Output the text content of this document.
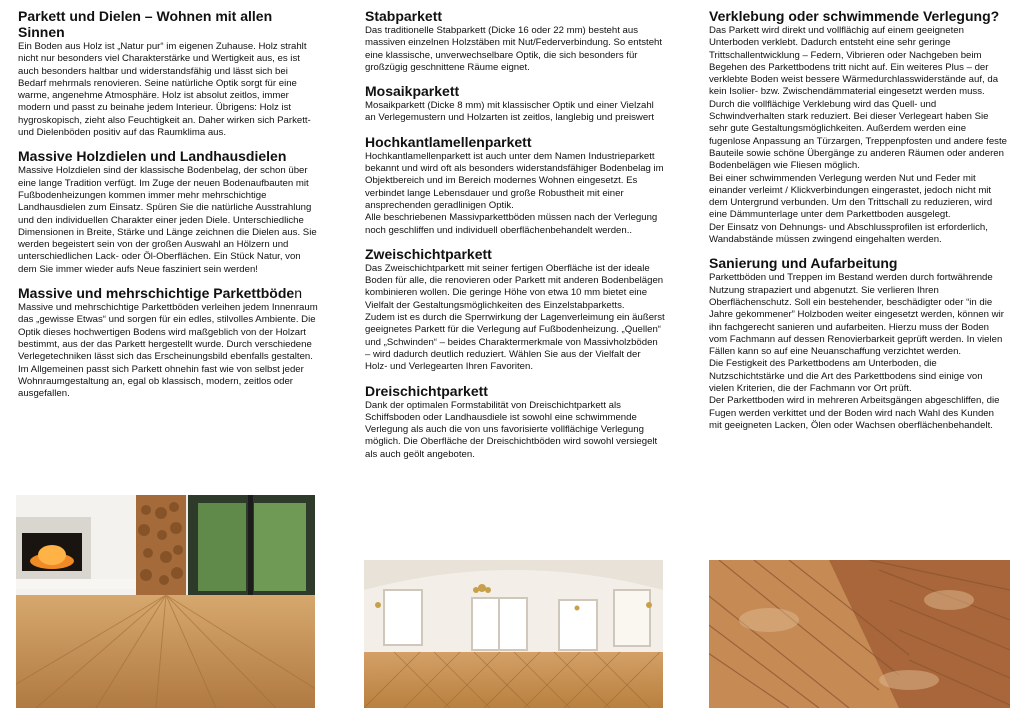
Parkett und Dielen – Wohnen mit allen Sinnen

Ein Boden aus Holz ist „Natur pur“ im eigenen Zuhause. Holz strahlt nicht nur besonders viel Charakterstärke und Wertigkeit aus, es ist auch besonders haltbar und widerstandsfähig und lässt sich bei Bedarf mehrmals renovieren. Seine natürliche Optik sorgt für eine warme, angenehme Atmosphäre. Holz ist absolut zeitlos, immer modern und passt zu beinahe jedem Interieur. Übrigens: Holz ist hygroskopisch, zieht also Feuchtigkeit an. Daher wirken sich Parkett- und Dielenböden positiv auf das Raumklima aus.

Massive Holzdielen und Landhausdielen

Massive Holzdielen sind der klassische Bodenbelag, der schon über eine lange Tradition verfügt. Im Zuge der neuen Bodenaufbauten mit Fußbodenheizungen kommen immer mehr mehrschichtige Landhausdielen zum Einsatz. Spüren Sie die natürliche Ausstrahlung und den individuellen Charakter einer jeden Diele. Unterschiedliche Dimensionen in Breite, Stärke und Länge zeichnen die Dielen aus. Sie werden begeistert sein von der großen Auswahl an Hölzern und unterschiedlichen Lack- oder Öl-Oberflächen. Ein Stück Natur, von dem Sie immer wieder aufs Neue fasziniert sein werden!

Massive und mehrschichtige Parkettböden

Massive und mehrschichtige Parkettböden verleihen jedem Innenraum das „gewisse Etwas“ und sorgen für ein edles, stilvolles Ambiente. Die Optik dieses hochwertigen Bodens wird maßgeblich von der Holzart bestimmt, aus der das Parkett hergestellt wurde. Durch verschiedene Verlegetechniken lässt sich das Erscheinungsbild ebenfalls gestalten. Im Allgemeinen passt sich Parkett ohnehin fast wie von selbst jeder Wohnraumgestaltung an, egal ob klassisch, modern, zeitlos oder ausgefallen.

Stabparkett

Das traditionelle Stabparkett (Dicke 16 oder 22 mm) besteht aus massiven einzelnen Holzstäben mit Nut/Federverbindung. So entsteht eine klassische, unverwechselbare Optik, die sich besonders für großzügig geschnittene Räume eignet.

Mosaikparkett

Mosaikparkett (Dicke 8 mm) mit klassischer Optik und einer Vielzahl an Verlegemustern und Holzarten ist zeitlos, langlebig und preiswert

Hochkantlamellenparkett

Hochkantlamellenparkett ist auch unter dem Namen Industrieparkett bekannt und wird oft als besonders widerstandsfähiger Bodenbelag im Objektbereich und im Bereich modernes Wohnen eingesetzt. Es verbindet lange Lebensdauer und große Robustheit mit einer ansprechenden geradlinigen Optik.

Alle beschriebenen Massivparkettböden müssen nach der Verlegung noch geschliffen und individuell oberflächenbehandelt werden..

Zweischichtparkett

Das Zweischichtparkett mit seiner fertigen Oberfläche ist der ideale Boden für alle, die renovieren oder Parkett mit anderen Bodenbelägen kombinieren wollen. Die geringe Höhe von etwa 10 mm bietet eine Vielfalt der Gestaltungsmöglichkeiten des Einzelstabparketts.

Zudem ist es durch die Sperrwirkung der Lagenverleimung ein äußerst geeignetes Parkett für die Verlegung auf Fußbodenheizung. „Quellen“ und „Schwinden“ – beides Charaktermerkmale von Massivholzböden – wird dadurch deutlich reduziert. Wählen Sie aus der Vielfalt der Holz- und Verlegearten Ihren Favoriten.

Dreischichtparkett

Dank der optimalen Formstabilität von Dreischichtparkett als Schiffsboden oder Landhausdiele ist sowohl eine schwimmende Verlegung als auch die von uns favorisierte vollflächige Verlegung möglich. Die Oberfläche der Dreischichtböden wird sowohl versiegelt als auch geölt angeboten.

Verklebung oder schwimmende Verlegung?

Das Parkett wird direkt und vollflächig auf einem geeigneten Unterboden verklebt. Dadurch entsteht eine sehr geringe Trittschallentwicklung – Federn, Vibrieren oder Nachgeben beim Begehen des Parkettbodens tritt nicht auf. Ein weiteres Plus – der verklebte Boden weist bessere Wärmedurchlasswiderstände auf, da kein Isolier- bzw. Zwischendämmaterial eingesetzt werden muss. Durch die vollflächige Verklebung wird das Quell- und Schwindverhalten stark reduziert. Bei dieser Verlegeart haben Sie sehr gute Gestaltungsmöglichkeiten. Außerdem werden eine fugenlose Anpassung an Türzargen, Treppenpfosten und andere feste Bauteile sowie schöne Übergänge zu anderen Räumen oder anderen Bodenbelägen wie Fliesen möglich.

Bei einer schwimmenden Verlegung werden Nut und Feder mit einander verleimt / Klickverbindungen eingerastet, jedoch nicht mit dem Untergrund verbunden. Um den Trittschall zu reduzieren, wird eine Dämmunterlage unter dem Parkettboden ausgelegt.

Der Einsatz von Dehnungs- und Abschlussprofilen ist erforderlich, Wandabstände müssen zwingend eingehalten werden.

Sanierung und Aufarbeitung

Parkettböden und Treppen im Bestand werden durch fortwährende Nutzung strapaziert und abgenutzt. Sie verlieren Ihren Oberflächenschutz. Soll ein bestehender, beschädigter oder “in die Jahre gekommener” Holzboden weiter eingesetzt werden, können wir ihn fachgerecht sanieren und aufarbeiten. Hierzu muss der Boden vom Fachmann auf dessen Renovierbarkeit geprüft werden. In vielen Fällen kann so auf eine Neuanschaffung verzichtet werden.

Die Festigkeit des Parkettbodens am Unterboden, die Nutzschichtstärke und die Art des Parkettbodens sind einige von vielen Kriterien, die der Fachmann vor Ort prüft.

Der Parkettboden wird in mehreren Arbeitsgängen abgeschliffen, die Fugen werden verkittet und der Boden wird nach Wahl des Kunden mit geeigneten Lacken, Ölen oder Wachsen oberflächenbehandelt.
